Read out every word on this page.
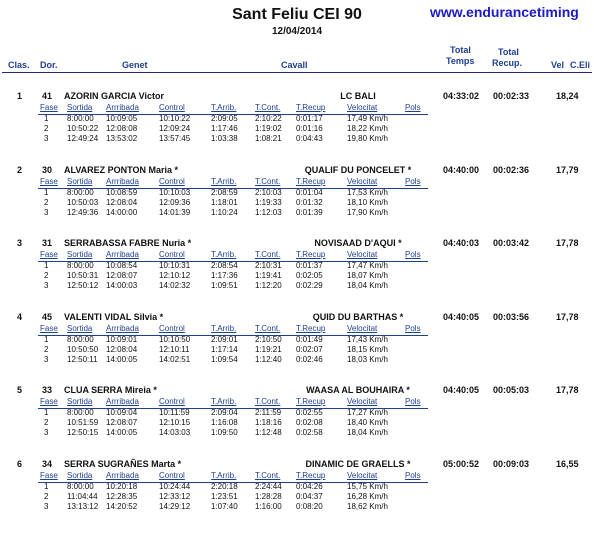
Sant Feliu CEI 90
12/04/2014
www.endurancetiming
Clas. Dor.	Genet	Cavall
Total
Temps
Total
Recup.	Vel C.Eli
1 41 AZORIN GARCIA Victor	LC BALI	04:33:02 00:02:33	18,24
Fase Sortida Arrribada	Control	T.Arrib. T.Cont. T.Recup	Velocitat	Pols
1 8:00:00 10:09:05	10:10:22	2:09:05 2:10:22 0:01:17	17,49 Km/h
2 10:50:22 12:08:08	12:09:24	1:17:46 1:19:02 0:01:16	18,22 Km/h
3 12:49:24 13:53:02	13:57:45	1:03:38 1:08:21 0:04:43	19,80 Km/h
2 30 ALVAREZ PONTON Maria *	QUALIF DU PONCELET *	04:40:00 00:02:36	17,79
Fase Sortida Arrribada	Control	T.Arrib. T.Cont. T.Recup	Velocitat	Pols
1 8:00:00 10:08:59	10:10:03	2:08:59 2:10:03 0:01:04	17,53 Km/h
2 10:50:03 12:08:04	12:09:36	1:18:01 1:19:33 0:01:32	18,10 Km/h
3 12:49:36 14:00:00	14:01:39	1:10:24 1:12:03 0:01:39	17,90 Km/h
3 31 SERRABASSA FABRE Nuria *	NOVISAAD D'AQUI *	04:40:03 00:03:42	17,78
Fase Sortida Arrribada	Control	T.Arrib. T.Cont. T.Recup	Velocitat	Pols
1 8:00:00 10:08:54	10:10:31	2:08:54 2:10:31 0:01:37	17,47 Km/h
2 10:50:31 12:08:07	12:10:12	1:17:36 1:19:41 0:02:05	18,07 Km/h
3 12:50:12 14:00:03	14:02:32	1:09:51 1:12:20 0:02:29	18,04 Km/h
4 45 VALENTI VIDAL Silvia *	QUID DU BARTHAS *	04:40:05 00:03:56	17,78
Fase Sortida Arrribada	Control	T.Arrib. T.Cont. T.Recup	Velocitat	Pols
1 8:00:00 10:09:01	10:10:50	2:09:01 2:10:50 0:01:49	17,43 Km/h
2 10:50:50 12:08:04	12:10:11	1:17:14 1:19:21 0:02:07	18,15 Km/h
3 12:50:11 14:00:05	14:02:51	1:09:54 1:12:40 0:02:46	18,03 Km/h
5 33 CLUA SERRA Mireia *	WAASA AL BOUHAIRA *	04:40:05 00:05:03	17,78
Fase Sortida Arrribada	Control	T.Arrib. T.Cont. T.Recup	Velocitat	Pols
1 8:00:00 10:09:04	10:11:59	2:09:04 2:11:59 0:02:55	17,27 Km/h
2 10:51:59 12:08:07	12:10:15	1:16:08 1:18:16 0:02:08	18,40 Km/h
3 12:50:15 14:00:05	14:03:03	1:09:50 1:12:48 0:02:58	18,04 Km/h
6 34 SERRA SUGRAÑES Marta *	DINAMIC DE GRAELLS *	05:00:52 00:09:03	16,55
Fase Sortida Arrribada	Control	T.Arrib. T.Cont. T.Recup	Velocitat	Pols
1 8:00:00 10:20:18	10:24:44	2:20:18 2:24:44 0:04:26	15,75 Km/h
2 11:04:44 12:28:35	12:33:12	1:23:51 1:28:28 0:04:37	16,28 Km/h
3 13:13:12 14:20:52	14:29:12	1:07:40 1:16:00 0:08:20	18,62 Km/h
